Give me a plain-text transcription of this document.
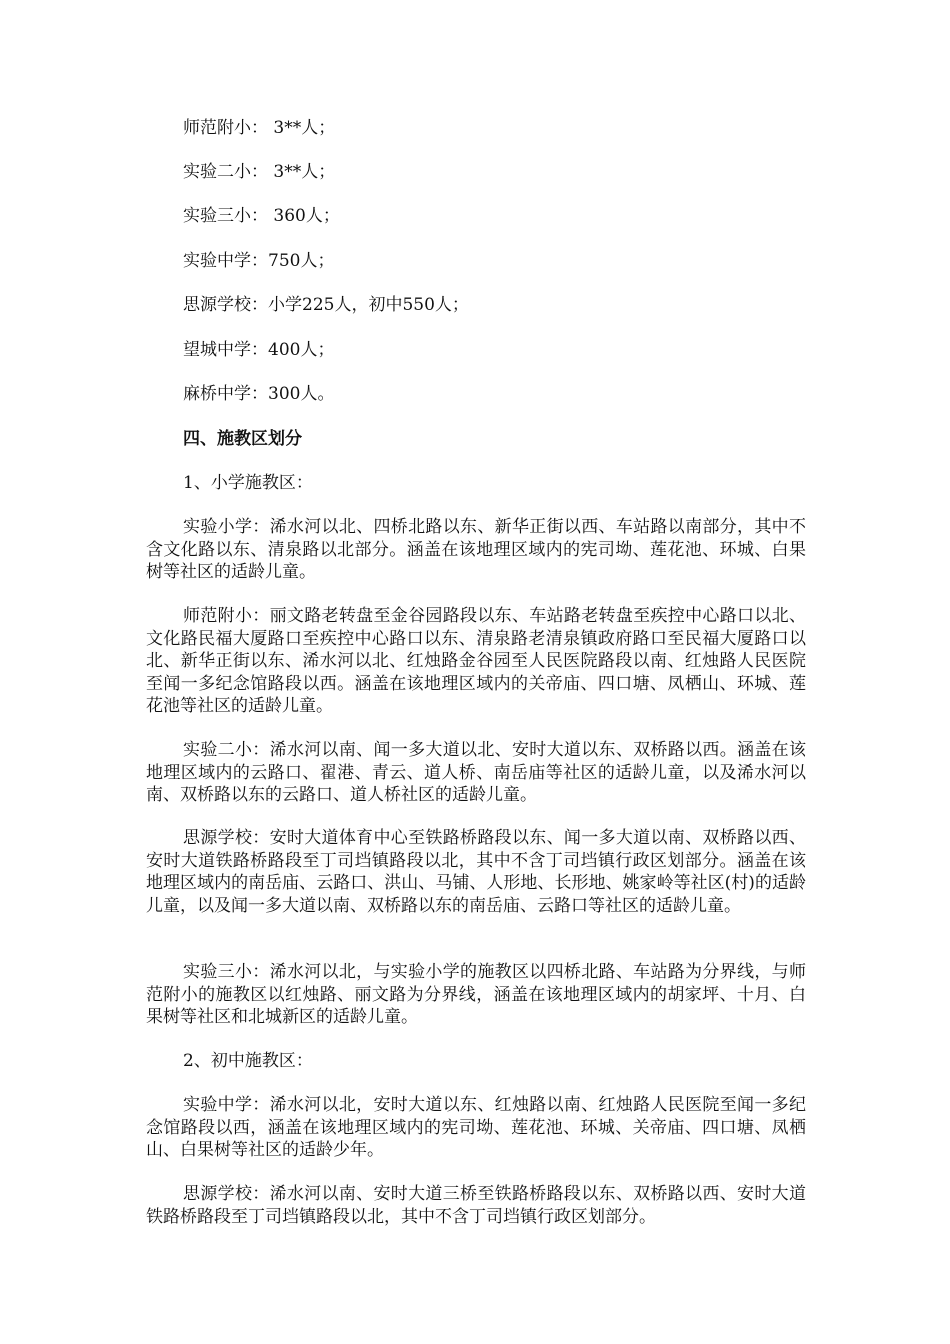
师范附小： 3**人；
实验二小： 3**人；
实验三小： 360人；
实验中学：750人；
思源学校：小学225人，初中550人；
望城中学：400人；
麻桥中学：300人。
四、施教区划分
1、小学施教区：
实验小学：浠水河以北、四桥北路以东、新华正街以西、车站路以南部分，其中不含文化路以东、清泉路以北部分。涵盖在该地理区域内的宪司坳、莲花池、环城、白果树等社区的适龄儿童。
师范附小：丽文路老转盘至金谷园路段以东、车站路老转盘至疾控中心路口以北、文化路民福大厦路口至疾控中心路口以东、清泉路老清泉镇政府路口至民福大厦路口以北、新华正街以东、浠水河以北、红烛路金谷园至人民医院路段以南、红烛路人民医院至闻一多纪念馆路段以西。涵盖在该地理区域内的关帝庙、四口塘、凤栖山、环城、莲花池等社区的适龄儿童。
实验二小：浠水河以南、闻一多大道以北、安时大道以东、双桥路以西。涵盖在该地理区域内的云路口、翟港、青云、道人桥、南岳庙等社区的适龄儿童，以及浠水河以南、双桥路以东的云路口、道人桥社区的适龄儿童。
思源学校：安时大道体育中心至铁路桥路段以东、闻一多大道以南、双桥路以西、安时大道铁路桥路段至丁司垱镇路段以北，其中不含丁司垱镇行政区划部分。涵盖在该地理区域内的南岳庙、云路口、洪山、马铺、人形地、长形地、姚家岭等社区(村)的适龄儿童，以及闻一多大道以南、双桥路以东的南岳庙、云路口等社区的适龄儿童。
实验三小：浠水河以北，与实验小学的施教区以四桥北路、车站路为分界线，与师范附小的施教区以红烛路、丽文路为分界线，涵盖在该地理区域内的胡家坪、十月、白果树等社区和北城新区的适龄儿童。
2、初中施教区：
实验中学：浠水河以北，安时大道以东、红烛路以南、红烛路人民医院至闻一多纪念馆路段以西，涵盖在该地理区域内的宪司坳、莲花池、环城、关帝庙、四口塘、凤栖山、白果树等社区的适龄少年。
思源学校：浠水河以南、安时大道三桥至铁路桥路段以东、双桥路以西、安时大道铁路桥路段至丁司垱镇路段以北，其中不含丁司垱镇行政区划部分。
